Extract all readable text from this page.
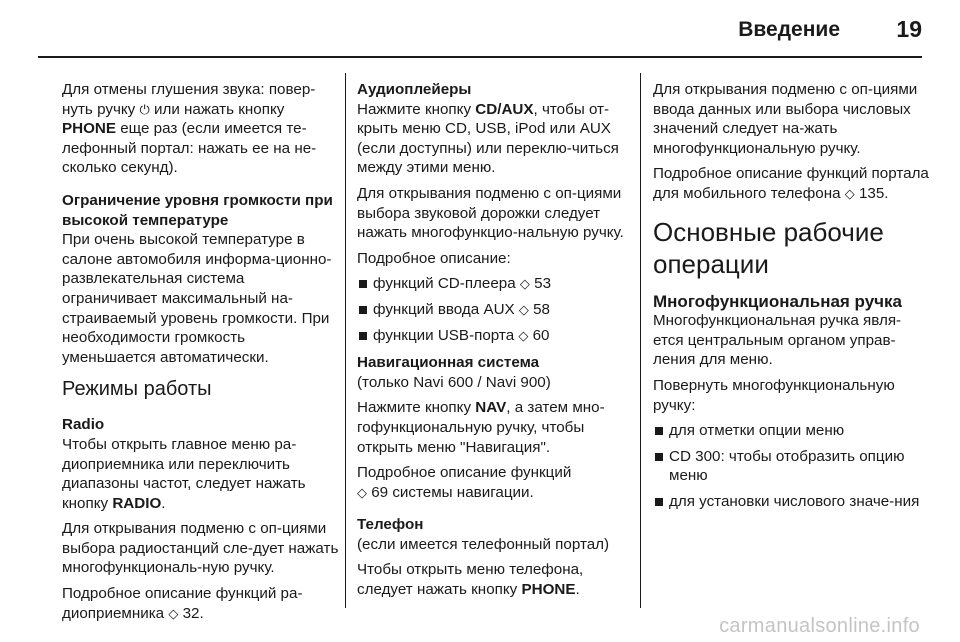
Введение 19

Для отмены глушения звука: повер-нуть ручку ⏻ или нажать кнопку PHONE еще раз (если имеется те-лефонный портал: нажать ее на не-сколько секунд).

Ограничение уровня громкости при высокой температуре

При очень высокой температуре в салоне автомобиля информа-ционно-развлекательная система ограничивает максимальный на-страиваемый уровень громкости. При необходимости громкость уменьшается автоматически.

Режимы работы

Radio

Чтобы открыть главное меню ра-диоприемника или переключить диапазоны частот, следует нажать кнопку RADIO.

Для открывания подменю с оп-циями выбора радиостанций сле-дует нажать многофункциональ-ную ручку.

Подробное описание функций ра-диоприемника ◇ 32.

Аудиоплейеры

Нажмите кнопку CD/AUX, чтобы от-крыть меню CD, USB, iPod или AUX (если доступны) или переклю-читься между этими меню.

Для открывания подменю с оп-циями выбора звуковой дорожки следует нажать многофункцио-нальную ручку.

Подробное описание:

функций CD-плеера ◇ 53
функций ввода AUX ◇ 58
функции USB-порта ◇ 60

Навигационная система

(только Navi 600 / Navi 900)

Нажмите кнопку NAV, а затем мно-гофункциональную ручку, чтобы открыть меню "Навигация".

Подробное описание функций
◇ 69 системы навигации.

Телефон

(если имеется телефонный портал)

Чтобы открыть меню телефона, следует нажать кнопку PHONE.

Для открывания подменю с оп-циями ввода данных или выбора числовых значений следует на-жать многофункциональную ручку.

Подробное описание функций портала для мобильного телефона ◇ 135.

Основные рабочие операции

Многофункциональная ручка

Многофункциональная ручка явля-ется центральным органом управ-ления для меню.

Повернуть многофункциональную ручку:

для отметки опции меню
CD 300: чтобы отобразить опцию меню
для установки числового значе-ния
carmanualsonline.info
